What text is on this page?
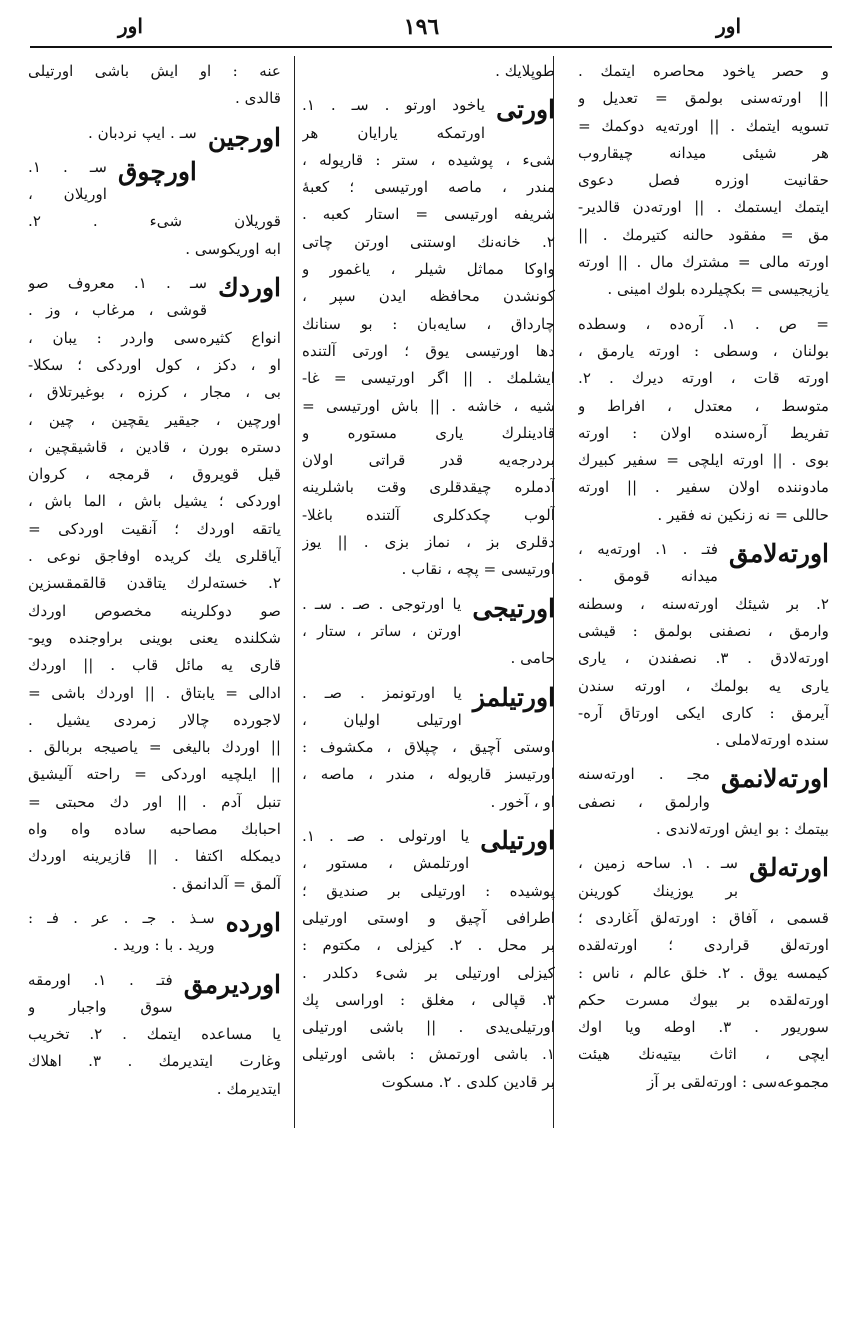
اور	١٩٦	اور
و حصر یاخود محاصره ایتمك .
|| اورته‌سنی بولمق = تعدیل و
تسویه ایتمك . || اورته‌یه دوكمك =
هر شیئی میدانه چیقاروب
حقانیت اوزره فصل دعوی
ایتمك ایستمك . || اورته‌دن قالدیر-
مق = مفقود حالنه كتیرمك . ||
اورته مالی = مشترك مال . || اورته
یازیجیسی = بكچیلرده بلوك امینی .
= ص . ١. آره‌ده ، وسطده
بولنان ، وسطی : اورته یارمق ،
اورته قات ، اورته دیرك . ٢.
متوسط ، معتدل ، افراط و
تفریط آره‌سنده اولان : اورته
بوی . || اورته ایلچی = سفیر كبیرك
مادوننده اولان سفیر . || اورته
حاللی = نه زنكین نه فقیر .
اورته‌لامق
فتـ . ١. اورته‌یه ،
میدانه قومق .
٢. بر شیئك اورته‌سنه ، وسطنه
وارمق ، نصفنی بولمق : قیشی
اورته‌لادق . ٣. نصفندن ، یاری
یاری یه بولمك ، اورته سندن
آیرمق : كاری ایكی اورتاق آره-
سنده اورته‌لاملی .
اورته‌لانمق
مجـ . اورته‌سنه
وارلمق ، نصفی
بیتمك : بو ایش اورته‌لاندی .
اورته‌لق
سـ . ١. ساحه زمین ،
بر یوزینك كورینن
قسمی ، آفاق : اورته‌لق آغاردی ؛
اورته‌لق قراردی ؛ اورته‌لقده
كیمسه یوق . ٢. خلق عالم ، ناس :
اورته‌لقده بر بیوك مسرت حكم
سوریور . ٣. اوطه ویا اوك
ایچی ، اثاث بیتیه‌نك هیئت
مجموعه‌سی : اورته‌لقی بر آز
طوپلایك .
اورتی
یاخود اورتو . سـ . ١.
اورتمكه یارایان هر
شیء ، پوشیده ، ستر : قاریوله ،
مندر ، ماصه اورتیسی ؛ كعبه‌ٔ
شریفه اورتیسی = استار كعبه .
٢. خانه‌نك اوستنی اورتن چاتی
واوكا مماثل شیلر ، یاغمور و
كونشدن محافظه ایدن سپر ،
چارداق ، سایه‌بان : بو سنانك
دها اورتیسی یوق ؛ اورتی آلتنده
ایشلمك . || اگر اورتیسی = غا-
شیه ، خاشه . || باش اورتیسی =
قادینلرك یاری مستوره و
بردرجه‌یه قدر قراتی اولان
آدملره چیقدقلری وقت باشلرینه
آلوب چكدكلری آلتنده باغلا-
دقلری بز ، نماز بزی . || یوز
اورتیسی = پچه ، نقاب .
اورتیجی
یا اورتوجی . صـ . سـ .
اورتن ، ساتر ، ستار ،
حامی .
اورتیلمز
یا اورتونمز . صـ .
اورتیلی اولیان ،
اوستی آچیق ، چپلاق ، مكشوف :
اورتیسز قاریوله ، مندر ، ماصه ،
او ، آخور .
اورتیلی
یا اورتولی . صـ . ١.
اورتلمش ، مستور ،
پوشیده : اورتیلی بر صندیق ؛
اطرافی آچیق و اوستی اورتیلی
بر محل . ٢. كیزلی ، مكتوم :
كیزلی اورتیلی بر شیء دكلدر .
٣. قپالی ، مغلق : اوراسی پك
اورتیلی‌یدی . || باشی اورتیلی
١. باشی اورتمش : باشی اورتیلی
بر قادین كلدی . ٢. مسكوت
عنه : او ایش باشی اورتیلی
قالدی .
اورجین
سـ . ایپ نردبان .
اورچوق
سـ . ١. اوریلان ،
قوریلان شیء . ٢.
ابه اوریكوسی .
اوردك
سـ . ١. معروف صو
قوشی ، مرغاب ، وز .
انواع كثیره‌سی واردر : یبان ،
او ، دكز ، كول اوردكی ؛ سكلا-
بی ، مجار ، كرزه ، بوغیرتلاق ،
اورچین ، جیقیر یقچین ، چین ،
دستره بورن ، قادین ، قاشیقچین ،
قیل قویروق ، قرمجه ، كروان
اوردكی ؛ یشیل باش ، الما باش ،
یاتقه اوردك ؛ آنقیت اوردكی =
آیاقلری یك كریده اوفاجق نوعی .
٢. خسته‌لرك یتاقدن قالقمقسزین
صو دوكلرینه مخصوص اوردك
شكلنده یعنی بوینی براوجنده ویو-
قاری یه مائل قاب . || اوردك
ادالی = یابتاق . || اوردك باشی =
لاجورده چالار زمردی یشیل .
|| اوردك بالیغی = یاصیجه بربالق .
|| ایلچیه اوردكی = راحته آلیشیق
تنبل آدم . || اور دك محبتی =
احبابك مصاحبه ساده واه واه
دیمكله اكتفا . || قازیرینه اوردك
آلمق = آلدانمق .
اورده
سـذ . جـ . عر . فـ :
ورید . با : ورید .
اوردیرمق
فتـ . ١. اورمقه
سوق واجبار و
یا مساعده ایتمك . ٢. تخریب
وغارت ایتدیرمك . ٣. اهلاك
ایتدیرمك .
